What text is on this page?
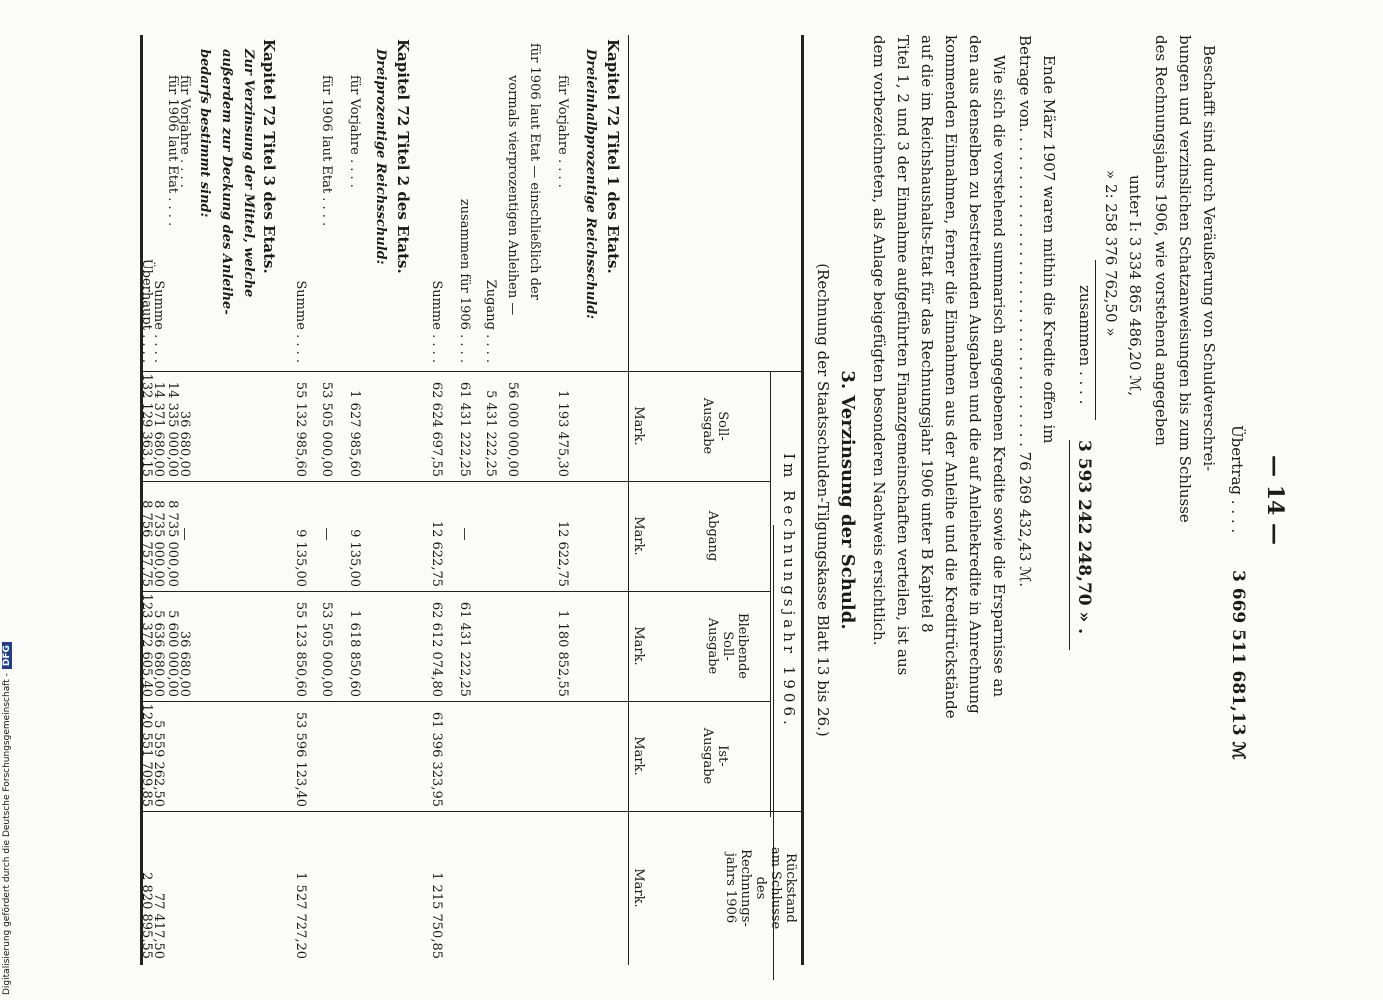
— 14 —
Übertrag . . . .
3 669 511 681,13 ℳ
Beschafft sind durch Veräußerung von Schuldverschrei-
bungen und verzinslichen Schatzanweisungen bis zum Schlusse
des Rechnungsjahrs 1906, wie vorstehend angegeben
unter I: 3 334 865 486,20 ℳ,
» 2: 258 376 762,50 »
zusammen . . . .
3 593 242 248,70 » .
Ende März 1907 waren mithin die Kredite offen im
Betrage von. . . . . . . . . . . . . . . . . . . . . . . . . . . . . . . . . . 76 269 432,43 ℳ.
Wie sich die vorstehend summarisch angegebenen Kredite sowie die Ersparnisse an
den aus denselben zu bestreitenden Ausgaben und die auf Anleihekredite in Anrechnung
kommenden Einnahmen, ferner die Einnahmen aus der Anleihe und die Kreditrückstände
auf die im Reichshaushalts-Etat für das Rechnungsjahr 1906 unter B Kapitel 8
Titel 1, 2 und 3 der Einnahme aufgeführten Finanzgemeinschaften verteilen, ist aus
dem vorbezeichneten, als Anlage beigefügten besonderen Nachweis ersichtlich.
3. Verzinsung der Schuld.
(Rechnung der Staatsschulden-Tilgungskasse Blatt 13 bis 26.)
Im Rechnungsjahr 1906.
Soll-
Ausgabe
Abgang
Bleibende
Soll-
Ausgabe
Ist-
Ausgabe
Rückstand
am Schlusse
des
Rechnungs-
jahrs 1906
Mark.
Mark.
Mark.
Mark.
Mark.
Kapitel 72 Titel 1 des Etats.
Dreieinhalbprozentige Reichsschuld:
für Vorjahre . . . .
1 193 475,30
12 622,75
1 180 852,55
für 1906 laut Etat — einschließlich der
vormals vierprozentigen Anleihen —
56 000 000,00
Zugang . . . .
5 431 222,25
zusammen für 1906 . . . .
61 431 222,25
—
61 431 222,25
Summe . . . .
62 624 697,55
12 622,75
62 612 074,80
61 396 323,95
1 215 750,85
Kapitel 72 Titel 2 des Etats.
Dreiprozentige Reichsschuld:
für Vorjahre . . . .
1 627 985,60
9 135,00
1 618 850,60
für 1906 laut Etat . . . .
53 505 000,00
—
53 505 000,00
Summe . . . .
55 132 985,60
9 135,00
55 123 850,60
53 596 123,40
1 527 727,20
Kapitel 72 Titel 3 des Etats.
Zur Verzinsung der Mittel, welche
außerdem zur Deckung des Anleihe-
bedarfs bestimmt sind:
für Vorjahre . . . .
36 680,00
—
36 680,00
für 1906 laut Etat . . . .
14 335 000,00
8 735 000,00
5 600 000,00
Summe . . . .
14 371 680,00
8 735 000,00
5 636 680,00
5 559 262,50
77 417,50
Überhaupt . . . .
132 129 363,15
8 756 757,75
123 372 605,40
120 551 709,85
2 820 895,55
Digitalisierung gefördert durch die Deutsche Forschungsgemeinschaft -DFG
